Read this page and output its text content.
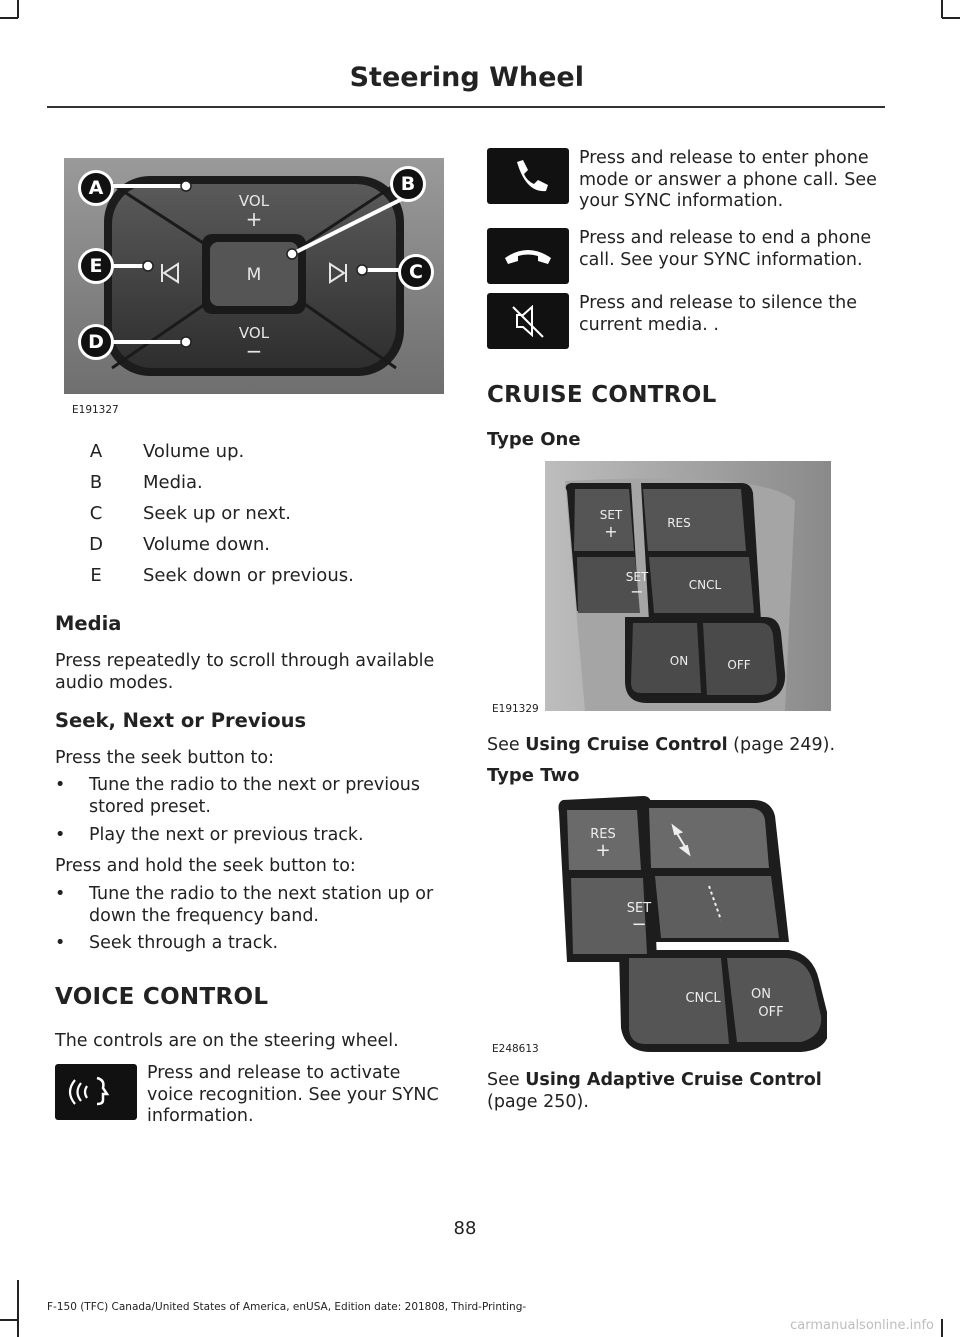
Steering Wheel
VOL
+
M
VOL
−
A	B
C
D
E
E191327
A Volume up.
B Media.
C Seek up or next.
D Volume down.
E Seek down or previous.
Media
Press repeatedly to scroll through available audio modes.
Seek, Next or Previous
Press the seek button to:
• Tune the radio to the next or previous stored preset.
• Play the next or previous track.
Press and hold the seek button to:
• Tune the radio to the next station up or down the frequency band.
• Seek through a track.
VOICE CONTROL
The controls are on the steering wheel.
Press and release to activate voice recognition. See your SYNC information.
Press and release to enter phone mode or answer a phone call. See your SYNC information.
Press and release to end a phone call. See your SYNC information.
Press and release to silence the current media. .
CRUISE CONTROL
Type One
SET
+	RES
SET
−	CNCL
ON	OFF
E191329
See Using Cruise Control (page 249).
Type Two
RES
+
SET
−
CNCL ON
OFF
E248613
See Using Adaptive Cruise Control
(page 250).
88
F-150 (TFC) Canada/United States of America, enUSA, Edition date: 201808, Third-Printing-
carmanualsonline.info
